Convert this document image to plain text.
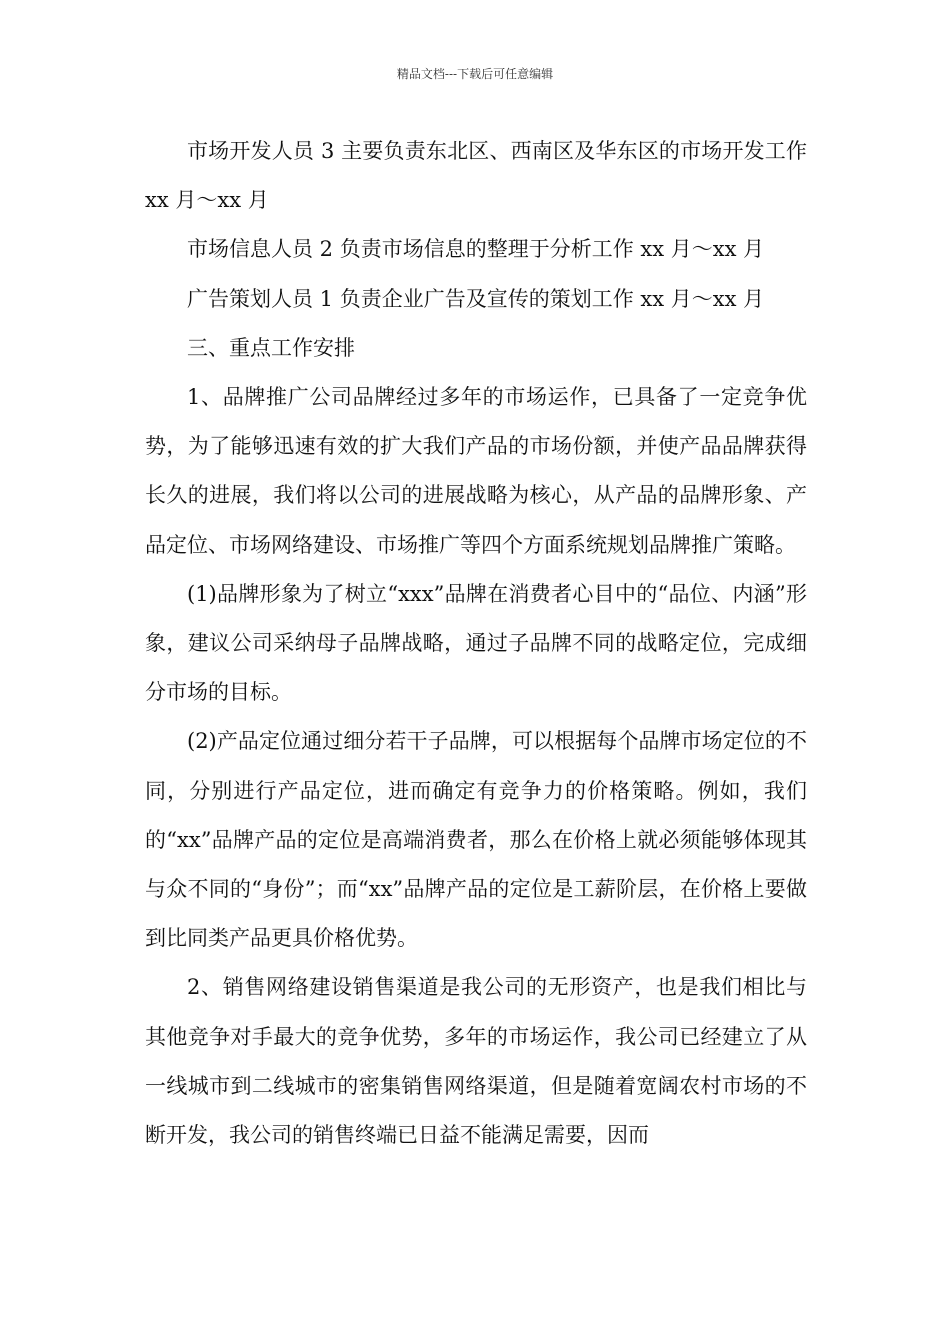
精品文档---下载后可任意编辑

市场开发人员 3 主要负责东北区、西南区及华东区的市场开发工作 xx 月～xx 月

市场信息人员 2 负责市场信息的整理于分析工作 xx 月～xx 月

广告策划人员 1 负责企业广告及宣传的策划工作 xx 月～xx 月

三、重点工作安排

1、品牌推广公司品牌经过多年的市场运作，已具备了一定竞争优势，为了能够迅速有效的扩大我们产品的市场份额，并使产品品牌获得长久的进展，我们将以公司的进展战略为核心，从产品的品牌形象、产品定位、市场网络建设、市场推广等四个方面系统规划品牌推广策略。

(1)品牌形象为了树立“xxx”品牌在消费者心目中的“品位、内涵”形象，建议公司采纳母子品牌战略，通过子品牌不同的战略定位，完成细分市场的目标。

(2)产品定位通过细分若干子品牌，可以根据每个品牌市场定位的不同，分别进行产品定位，进而确定有竞争力的价格策略。例如，我们的“xx”品牌产品的定位是高端消费者，那么在价格上就必须能够体现其与众不同的“身份”；而“xx”品牌产品的定位是工薪阶层，在价格上要做到比同类产品更具价格优势。

2、销售网络建设销售渠道是我公司的无形资产，也是我们相比与其他竞争对手最大的竞争优势，多年的市场运作，我公司已经建立了从一线城市到二线城市的密集销售网络渠道，但是随着宽阔农村市场的不断开发，我公司的销售终端已日益不能满足需要，因而
